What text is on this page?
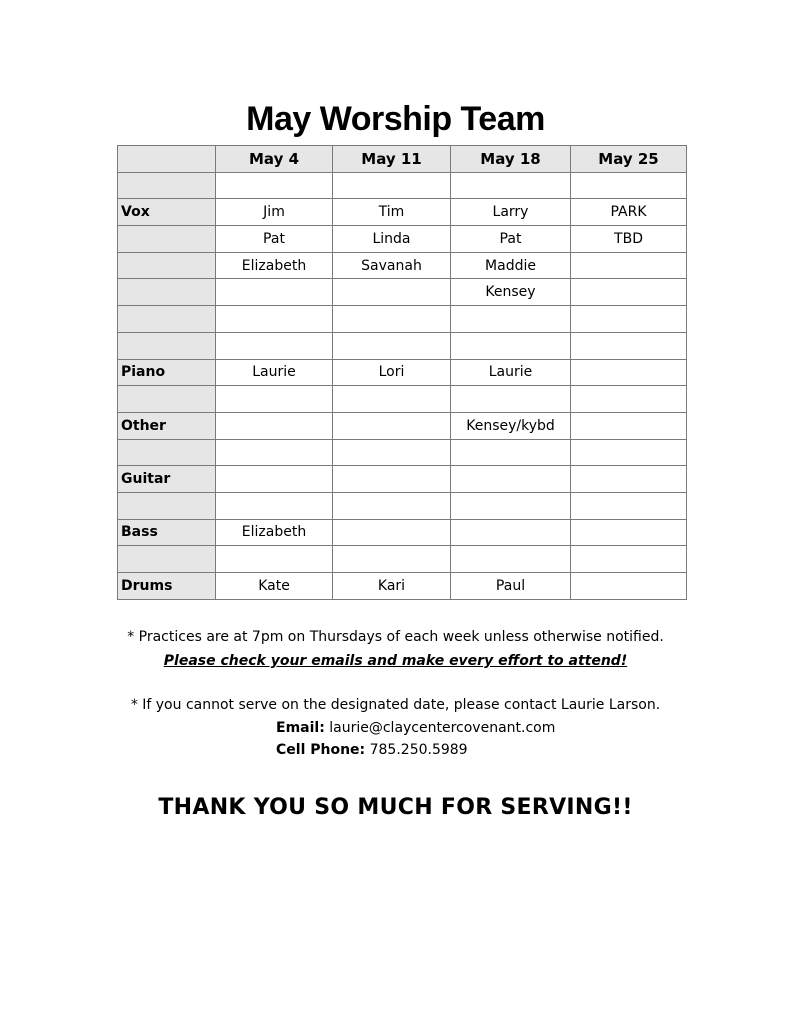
May Worship Team
	May 4	May 11	May 18	May 25

Vox	Jim	Tim	Larry	PARK
	Pat	Linda	Pat	TBD
	Elizabeth	Savanah	Maddie	
			Kensey	

Piano	Laurie	Lori	Laurie	

Other			Kensey/kybd	

Guitar				

Bass	Elizabeth			

Drums	Kate	Kari	Paul	
* Practices are at 7pm on Thursdays of each week unless otherwise notified.
Please check your emails and make every effort to attend!
* If you cannot serve on the designated date, please contact Laurie Larson.
Email: laurie@claycentercovenant.com
Cell Phone: 785.250.5989
THANK YOU SO MUCH FOR SERVING!!
